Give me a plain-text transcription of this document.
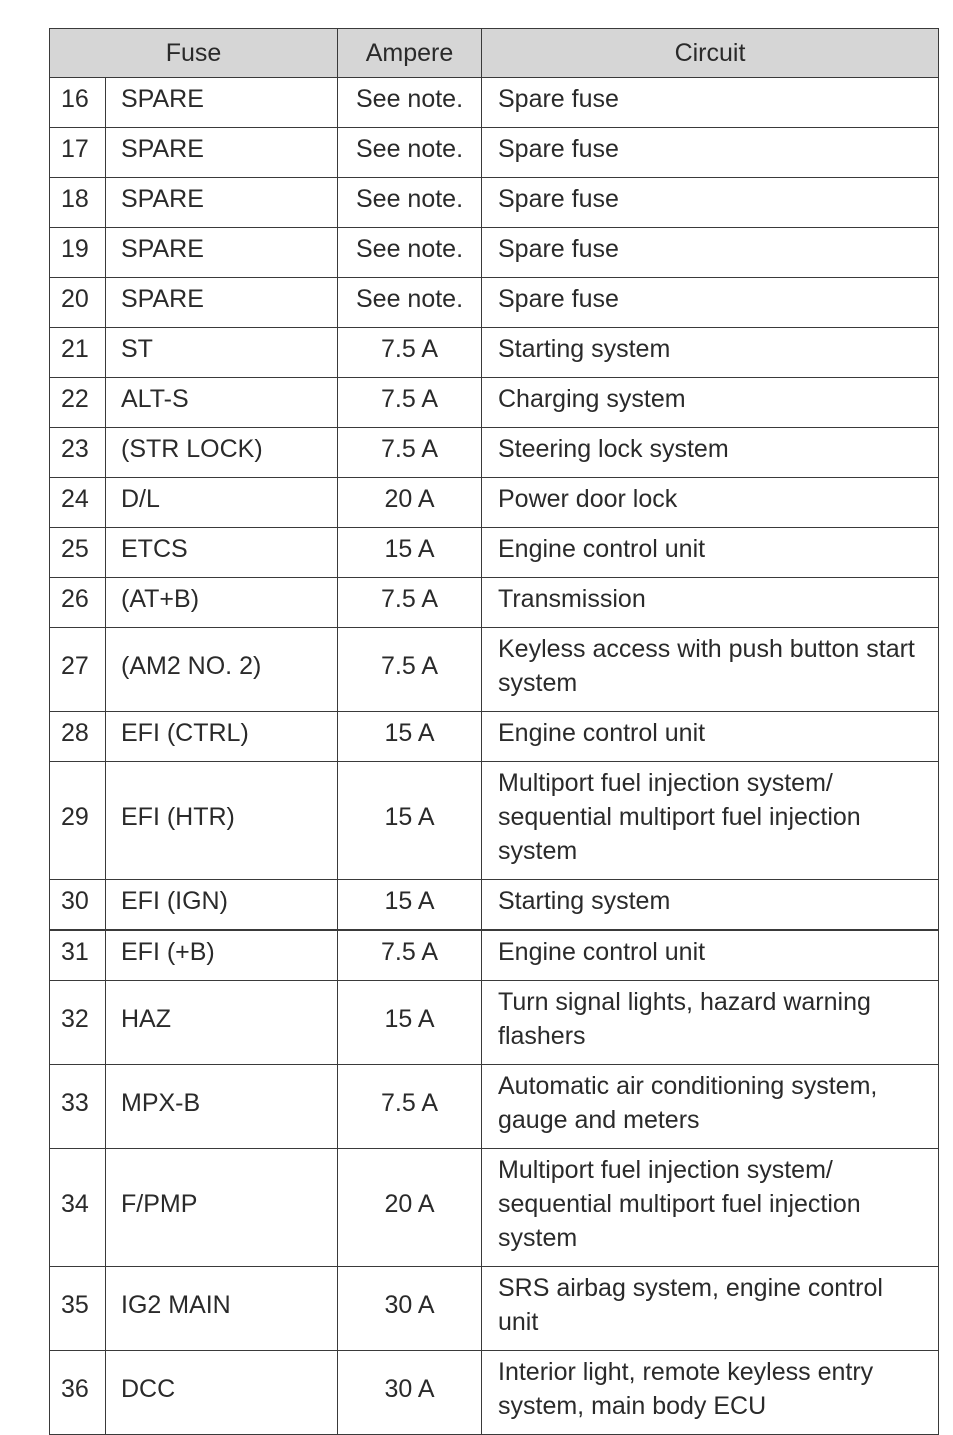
Fuse		Ampere	Circuit
16	SPARE	See note.	Spare fuse
17	SPARE	See note.	Spare fuse
18	SPARE	See note.	Spare fuse
19	SPARE	See note.	Spare fuse
20	SPARE	See note.	Spare fuse
21	ST	7.5 A	Starting system
22	ALT-S	7.5 A	Charging system
23	(STR LOCK)	7.5 A	Steering lock system
24	D/L	20 A	Power door lock
25	ETCS	15 A	Engine control unit
26	(AT+B)	7.5 A	Transmission
27	(AM2 NO. 2)	7.5 A	Keyless access with push button start system
28	EFI (CTRL)	15 A	Engine control unit
29	EFI (HTR)	15 A	Multiport fuel injection system/ sequential multiport fuel injection system
30	EFI (IGN)	15 A	Starting system
31	EFI (+B)	7.5 A	Engine control unit
32	HAZ	15 A	Turn signal lights, hazard warning flashers
33	MPX-B	7.5 A	Automatic air conditioning system, gauge and meters
34	F/PMP	20 A	Multiport fuel injection system/ sequential multiport fuel injection system
35	IG2 MAIN	30 A	SRS airbag system, engine control unit
36	DCC	30 A	Interior light, remote keyless entry system, main body ECU
